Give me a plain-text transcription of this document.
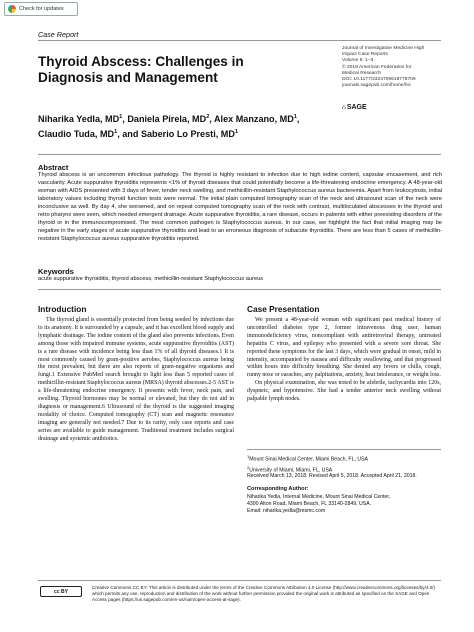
Check for updates
Case Report
Thyroid Abscess: Challenges in Diagnosis and Management
Journal of Investigative Medicine High
Impact Case Reports
Volume 6: 1–3
© 2018 American Federation for
Medical Research
DOI: 10.1177/2324709618778709
journals.sagepub.com/home/hic
∴ SAGE
Niharika Yedla, $MD^1$, Daniela Pirela, $MD^2$, Alex Manzano, $MD^1$,
Claudio Tuda, $MD^1$, and Saberio Lo Presti, $MD^1$
Abstract
Thyroid abscess is an uncommon infectious pathology. The thyroid is highly resistant to infection due to high iodine content, capsular encasement, and rich vascularity. Acute suppurative thyroiditis represents <1% of thyroid diseases that could potentially become a life-threatening endocrine emergency. A 48-year-old woman with AIDS presented with 3 days of fever, tender neck swelling, and methicillin-resistant Staphylococcus aureus bacteremia. Apart from leukocytosis, initial laboratory values including thyroid function tests were normal. The initial plain computed tomography scan of the neck and ultrasound scan of the neck were inconclusive as well. By day 4, she worsened, and on repeat computed tomography scan of the neck with contrast, multiloculated abscesses in the thyroid and retro pharynx were seen, which needed emergent drainage. Acute suppurative thyroiditis, a rare disease, occurs in patients with either preexisting disorders of the thyroid or in the immunocompromised. The most common pathogen is Staphylococcus aureus. In our case, we highlight the fact that initial imaging may be negative in the early stages of acute suppurative thyroiditis and lead to an erroneous diagnosis of subacute thyroiditis. There are less than 5 cases of methicillin-resistant Staphylococcus aureus suppurative thyroiditis reported.
Keywords
acute suppurative thyroiditis, thyroid abscess, methicillin-resistant Staphylococcus aureus
Introduction
The thyroid gland is essentially protected from being seeded by infections due to its anatomy. It is surrounded by a capsule, and it has excellent blood supply and lymphatic drainage. The iodine content of the gland also prevents infections. Even among those with impaired immune systems, acute suppurative thyroiditis (AST) is a rare disease with incidence being less than 1% of all thyroid diseases.1 It is most commonly caused by gram-positive aerobes, Staphylococcus aureus being the most prevalent, but there are also reports of gram-negative organisms and fungi.1 Extensive PubMed search brought to light less than 5 reported cases of methicillin-resistant Staphylococcus aureus (MRSA) thyroid abscesses.2-5 AST is a life-threatening endocrine emergency. It presents with fever, neck pain, and swelling. Thyroid hormones may be normal or elevated, but they do not aid in diagnosis or management.6 Ultrasound of the thyroid is the suggested imaging modality of choice. Computed tomography (CT) scan and magnetic resonance imaging are generally not needed.7 Due to its rarity, only case reports and case series are available to guide management. Traditional treatment includes surgical drainage and systemic antibiotics.
Case Presentation
We present a 48-year-old woman with significant past medical history of uncontrolled diabetes type 2, former intravenous drug user, human immunodeficiency virus, noncompliant with antiretroviral therapy, untreated hepatitis C virus, and epilepsy who presented with a severe sore throat. She reported these symptoms for the last 3 days, which were gradual in onset, mild in intensity, accompanied by nausea and difficulty swallowing, and that progressed within hours into difficulty breathing. She denied any fevers or chills, cough, runny nose or earaches, any palpitations, anxiety, heat intolerance, or weight loss.
On physical examination, she was noted to be afebrile, tachycardia into 120s, dyspneic, and hypotensive. She had a tender anterior neck swelling without palpable lymph nodes.
$^1$Mount Sinai Medical Center, Miami Beach, FL, USA
$^2$University of Miami, Miami, FL, USA
Received March 13, 2018. Revised April 5, 2018. Accepted April 21, 2018.
Corresponding Author:
Niharika Yedla, Internal Medicine, Mount Sinai Medical Center,
4300 Alton Road, Miami Beach, FL 33140-2849, USA.
Email: niharika.yedla@msmc.com
cc BY
Creative Commons CC BY: This article is distributed under the terms of the Creative Commons Attribution 4.0 License (http://www.creativecommons.org/licenses/by/4.0/) which permits any use, reproduction and distribution of the work without further permission provided the original work is attributed as specified on the SAGE and Open Access pages (https://us.sagepub.com/en-us/nam/open-access-at-sage).
